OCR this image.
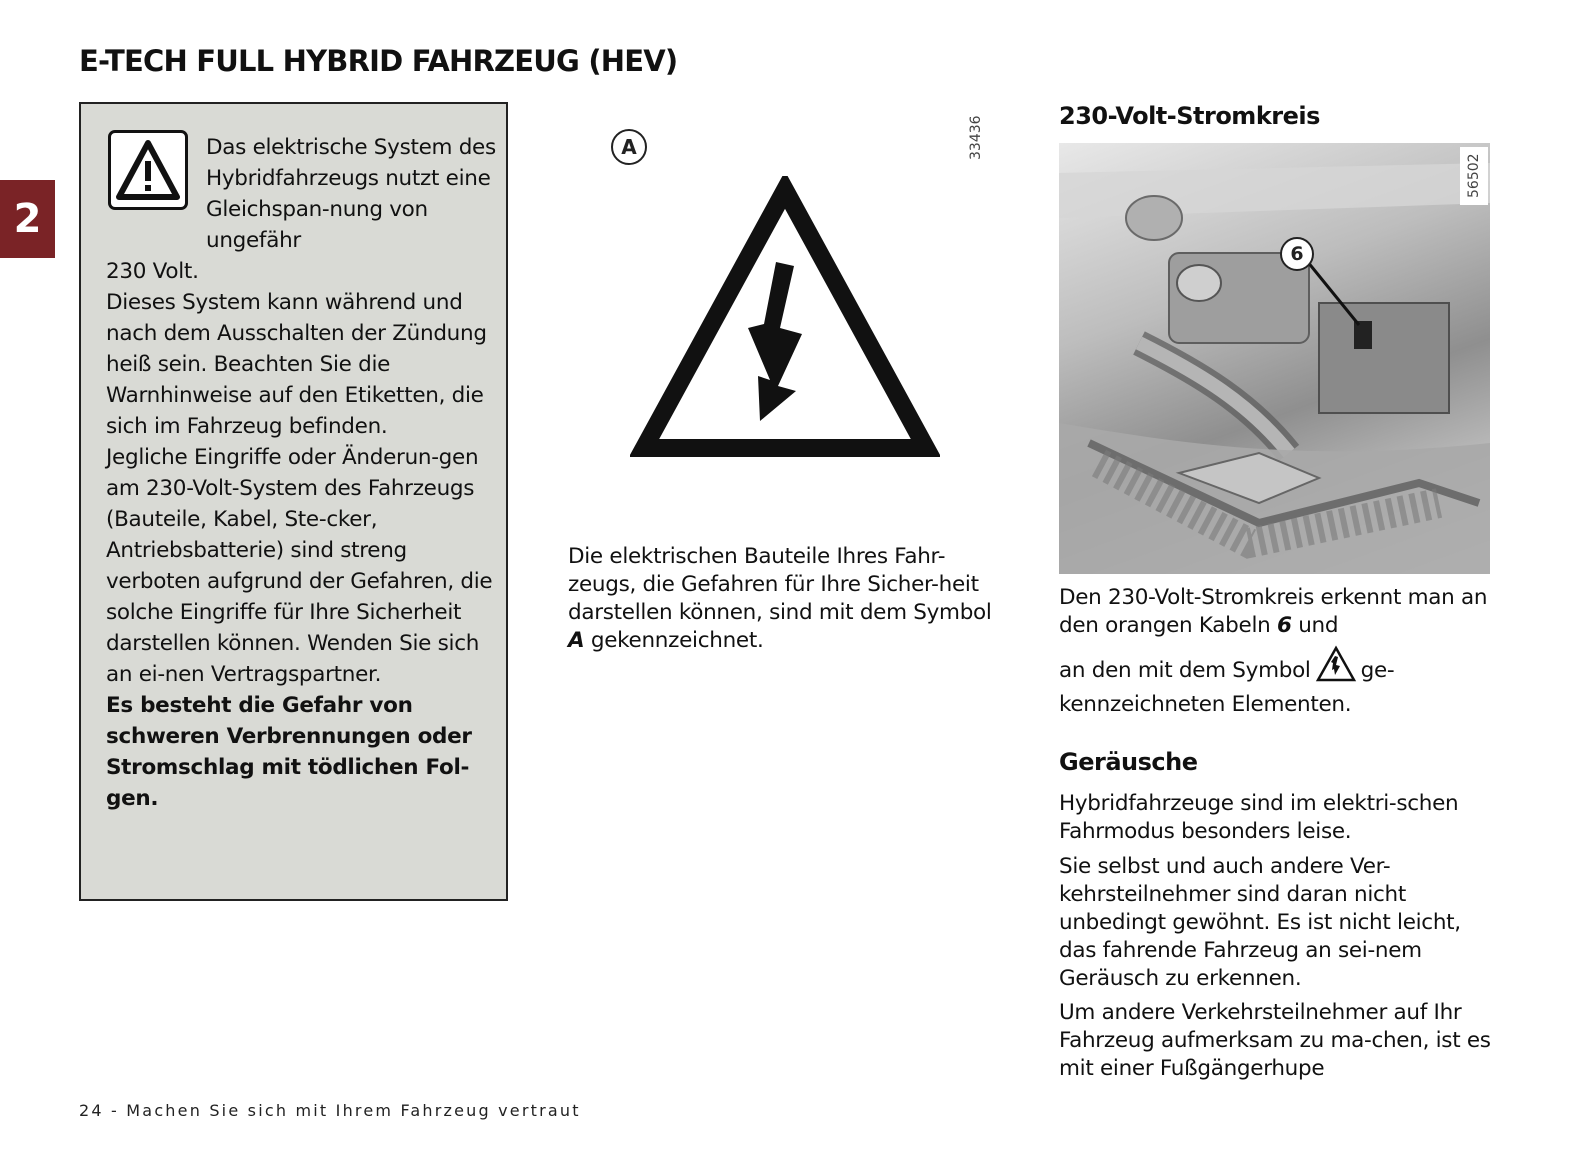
E-TECH FULL HYBRID FAHRZEUG (HEV)
2
Das elektrische System des Hybridfahrzeugs nutzt eine Gleichspan-nung von ungefähr
230 Volt.
Dieses System kann während und nach dem Ausschalten der Zündung heiß sein. Beachten Sie die Warnhinweise auf den Etiketten, die sich im Fahrzeug befinden.
Jegliche Eingriffe oder Änderun-gen am 230-Volt-System des Fahrzeugs (Bauteile, Kabel, Ste-cker, Antriebsbatterie) sind streng verboten aufgrund der Gefahren, die solche Eingriffe für Ihre Sicherheit darstellen können. Wenden Sie sich an ei-nen Vertragspartner.
Es besteht die Gefahr von schweren Verbrennungen oder Stromschlag mit tödlichen Fol-gen.
33436
A

Die elektrischen Bauteile Ihres Fahr-zeugs, die Gefahren für Ihre Sicher-heit darstellen können, sind mit dem Symbol A gekennzeichnet.

230-Volt-Stromkreis
56502
6

Den 230-Volt-Stromkreis erkennt man an den orangen Kabeln 6 und

an den mit dem Symbol ge-kennzeichneten Elementen.

Geräusche

Hybridfahrzeuge sind im elektri-schen Fahrmodus besonders leise.

Sie selbst und auch andere Ver-kehrsteilnehmer sind daran nicht unbedingt gewöhnt. Es ist nicht leicht, das fahrende Fahrzeug an sei-nem Geräusch zu erkennen.

Um andere Verkehrsteilnehmer auf Ihr Fahrzeug aufmerksam zu ma-chen, ist es mit einer Fußgängerhupe

24 - Machen Sie sich mit Ihrem Fahrzeug vertraut
